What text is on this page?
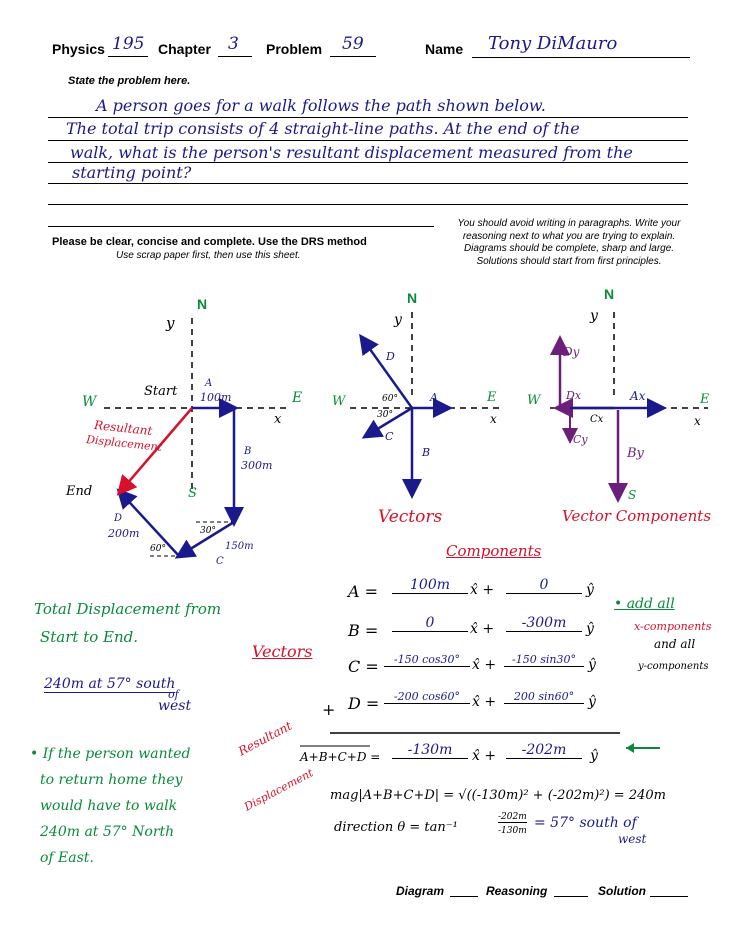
Physics 195 Chapter 3 Problem 59	Name Tony DiMauro
State the problem here.
A person goes for a walk follows the path shown below.
The total trip consists of 4 straight-line paths. At the end of the
walk, what is the person's resultant displacement measured from the
starting point?
Please be clear, concise and complete. Use the DRS method
Use scrap paper first, then use this sheet.
You should avoid writing in paragraphs. Write your
reasoning next to what you are trying to explain.
Diagrams should be complete, sharp and large.
Solutions should start from first principles.
N
y
W	E
x
S
Start
A
100m
B
300m
150m
C
D
200m	30°
60°
End
Resultant
Displacement
N
y
W	E
x
A
B
C
D
60°
30°
Vectors
N
y
W	E
x
S
Dy
Dx	Ax
Cx
Cy
By
Vector Components
Components
A =	100m	x̂ +	0	ŷ
B =	0	x̂ +	-300m	ŷ
C =	-150 cos30° x̂ +	-150 sin30° ŷ
+ D =	-200 cos60° x̂ +	200 sin60° ŷ
Vectors
Resultant
Displacement
A+B+C+D =	-130m	x̂ +	-202m	ŷ
mag|A+B+C+D| = √((-130m)² + (-202m)²) = 240m
direction θ = tan⁻¹
-202m
-130m = 57° south of
west
• add all
x-components
and all
y-components
Total Displacement from
Start to End.
240m at 57° south
of
west
• If the person wanted
to return home they
would have to walk
240m at 57° North
of East.
Diagram	Reasoning	Solution
